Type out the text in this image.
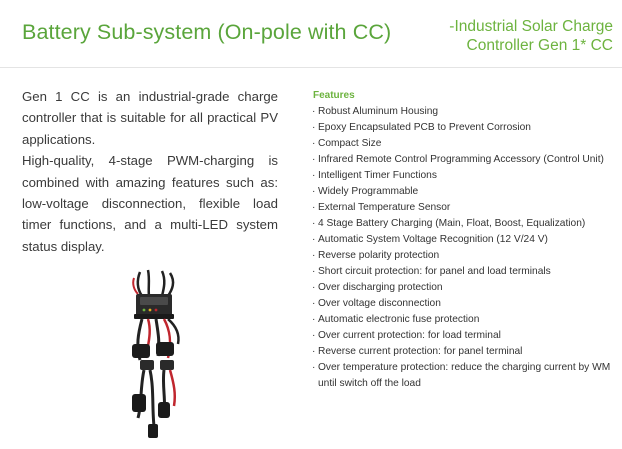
Battery Sub-system (On-pole with CC)	-Industrial Solar Charge
Controller Gen 1* CC

Gen 1 CC is an industrial-grade charge controller that is suitable for all practical PV applications.

High-quality, 4-stage PWM-charging is combined with amazing features such as: low-voltage disconnection, flexible load timer functions, and a multi-LED system status display.

Features
· Robust Aluminum Housing
· Epoxy Encapsulated PCB to Prevent Corrosion
· Compact Size
· Infrared Remote Control Programming Accessory (Control Unit)
· Intelligent Timer Functions
· Widely Programmable
· External Temperature Sensor
· 4 Stage Battery Charging (Main, Float, Boost, Equalization)
· Automatic System Voltage Recognition (12 V/24 V)
· Reverse polarity protection
· Short circuit protection: for panel and load terminals
· Over discharging protection
· Over voltage disconnection
· Automatic electronic fuse protection
· Over current protection: for load terminal
· Reverse current protection: for panel terminal
· Over temperature protection: reduce the charging current by WM until switch off the load
